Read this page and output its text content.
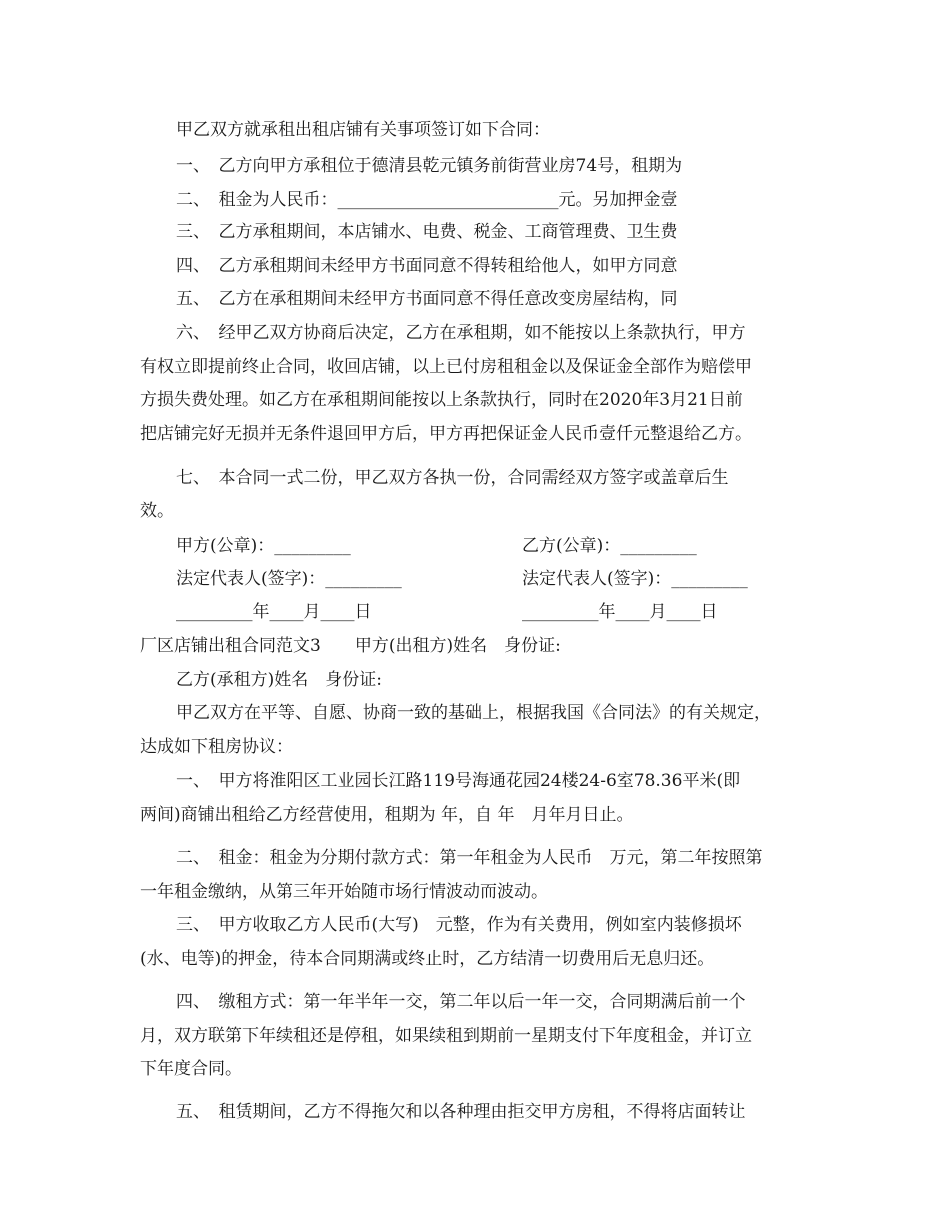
甲乙双方就承租出租店铺有关事项签订如下合同：
一、　乙方向甲方承租位于德清县乾元镇务前街营业房74号，租期为
二、　租金为人民币：__________________________元。另加押金壹
三、　乙方承租期间，本店铺水、电费、税金、工商管理费、卫生费
四、　乙方承租期间未经甲方书面同意不得转租给他人，如甲方同意
五、　乙方在承租期间未经甲方书面同意不得任意改变房屋结构，同
六、　经甲乙双方协商后决定，乙方在承租期，如不能按以上条款执行，甲方
有权立即提前终止合同，收回店铺，以上已付房租租金以及保证金全部作为赔偿甲
方损失费处理。如乙方在承租期间能按以上条款执行，同时在2020年3月21日前
把店铺完好无损并无条件退回甲方后，甲方再把保证金人民币壹仟元整退给乙方。
七、　本合同一式二份，甲乙双方各执一份，合同需经双方签字或盖章后生
效。
甲方(公章)：_________	乙方(公章)：_________
法定代表人(签字)：_________	法定代表人(签字)：_________
_________年____月____日	_________年____月____日
厂区店铺出租合同范文3　　甲方(出租方)姓名　身份证:
乙方(承租方)姓名　身份证:
甲乙双方在平等、自愿、协商一致的基础上，根据我国《合同法》的有关规定，
达成如下租房协议：
一、　甲方将淮阳区工业园长江路119号海通花园24楼24-6室78.36平米(即
两间)商铺出租给乙方经营使用，租期为 年，自 年　月年月日止。
二、　租金：租金为分期付款方式：第一年租金为人民币　万元，第二年按照第
一年租金缴纳，从第三年开始随市场行情波动而波动。
三、　甲方收取乙方人民币(大写)　元整，作为有关费用，例如室内装修损坏
(水、电等)的押金，待本合同期满或终止时，乙方结清一切费用后无息归还。
四、　缴租方式：第一年半年一交，第二年以后一年一交，合同期满后前一个
月，双方联第下年续租还是停租，如果续租到期前一星期支付下年度租金，并订立
下年度合同。
五、　租赁期间，乙方不得拖欠和以各种理由拒交甲方房租，不得将店面转让
